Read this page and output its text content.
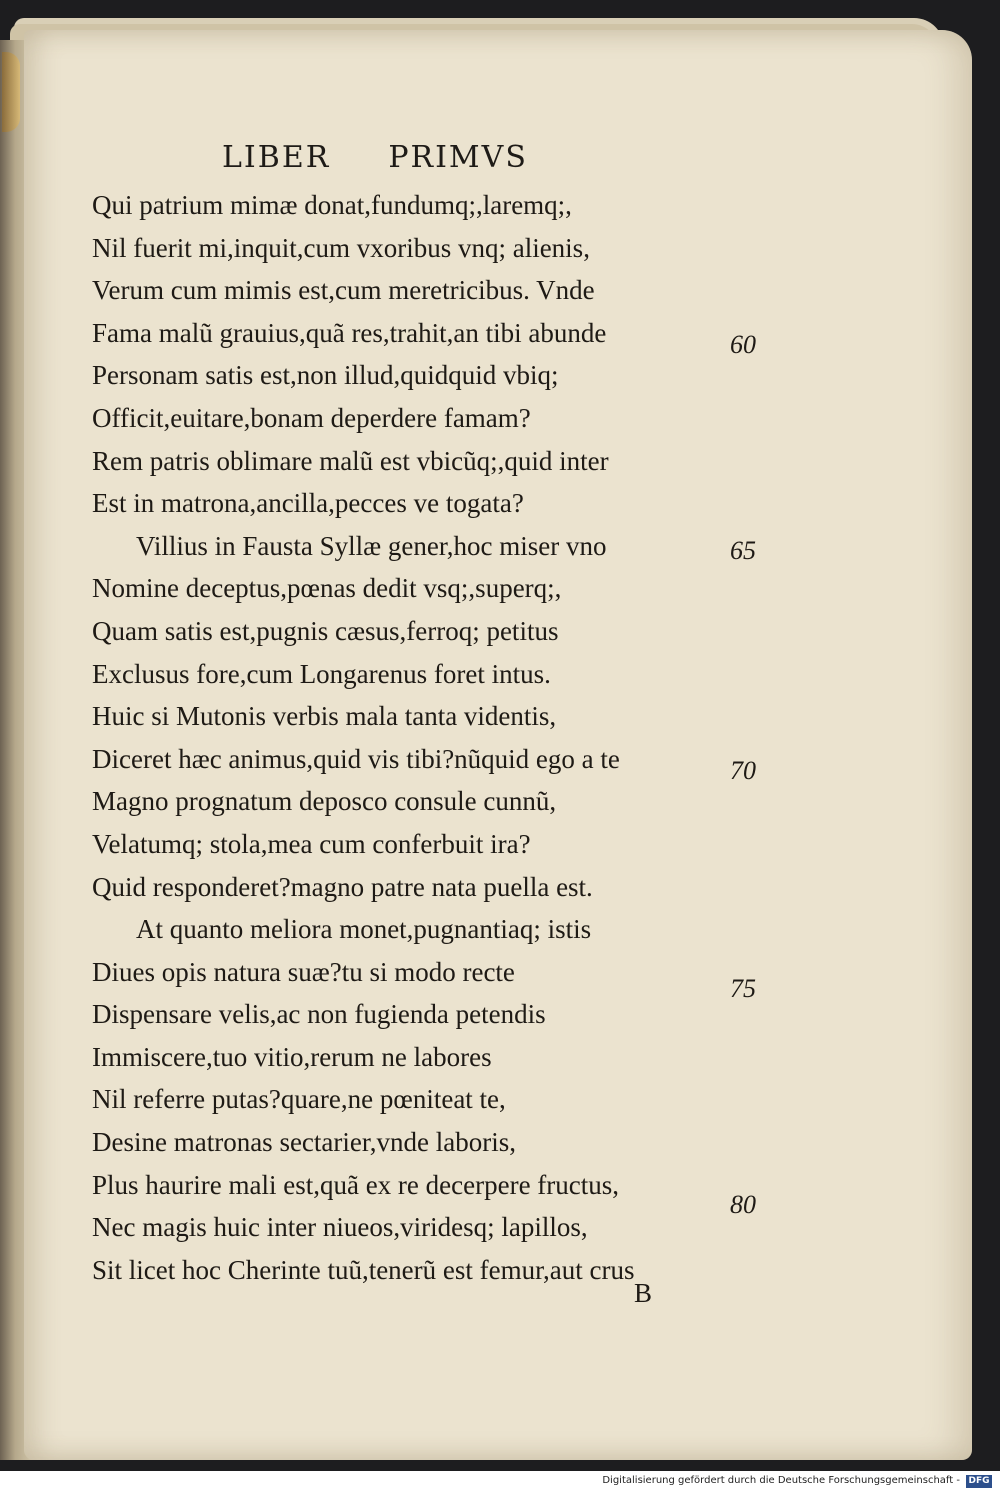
LIBER PRIMVS
Qui patrium mimæ donat,fundumq;,laremq;,
Nil fuerit mi,inquit,cum vxoribus vnq; alienis,
Verum cum mimis est,cum meretricibus. Vnde
Fama malũ grauius,quã res,trahit,an tibi abunde
Personam satis est,non illud,quidquid vbiq;
Officit,euitare,bonam deperdere famam?
Rem patris oblimare malũ est vbicũq;,quid inter
Est in matrona,ancilla,pecces ve togata?
Villius in Fausta Syllæ gener,hoc miser vno
Nomine deceptus,pœnas dedit vsq;,superq;,
Quam satis est,pugnis cæsus,ferroq; petitus
Exclusus fore,cum Longarenus foret intus.
Huic si Mutonis verbis mala tanta videntis,
Diceret hæc animus,quid vis tibi?nũquid ego a te
Magno prognatum deposco consule cunnũ,
Velatumq; stola,mea cum conferbuit ira?
Quid responderet?magno patre nata puella est.
At quanto meliora monet,pugnantiaq; istis
Diues opis natura suæ?tu si modo recte
Dispensare velis,ac non fugienda petendis
Immiscere,tuo vitio,rerum ne labores
Nil referre putas?quare,ne pœniteat te,
Desine matronas sectarier,vnde laboris,
Plus haurire mali est,quã ex re decerpere fructus,
Nec magis huic inter niueos,viridesq; lapillos,
Sit licet hoc Cherinte tuũ,tenerũ est femur,aut crus
60
65
70
75
80
B
Digitalisierung gefördert durch die Deutsche Forschungsgemeinschaft - DFG
